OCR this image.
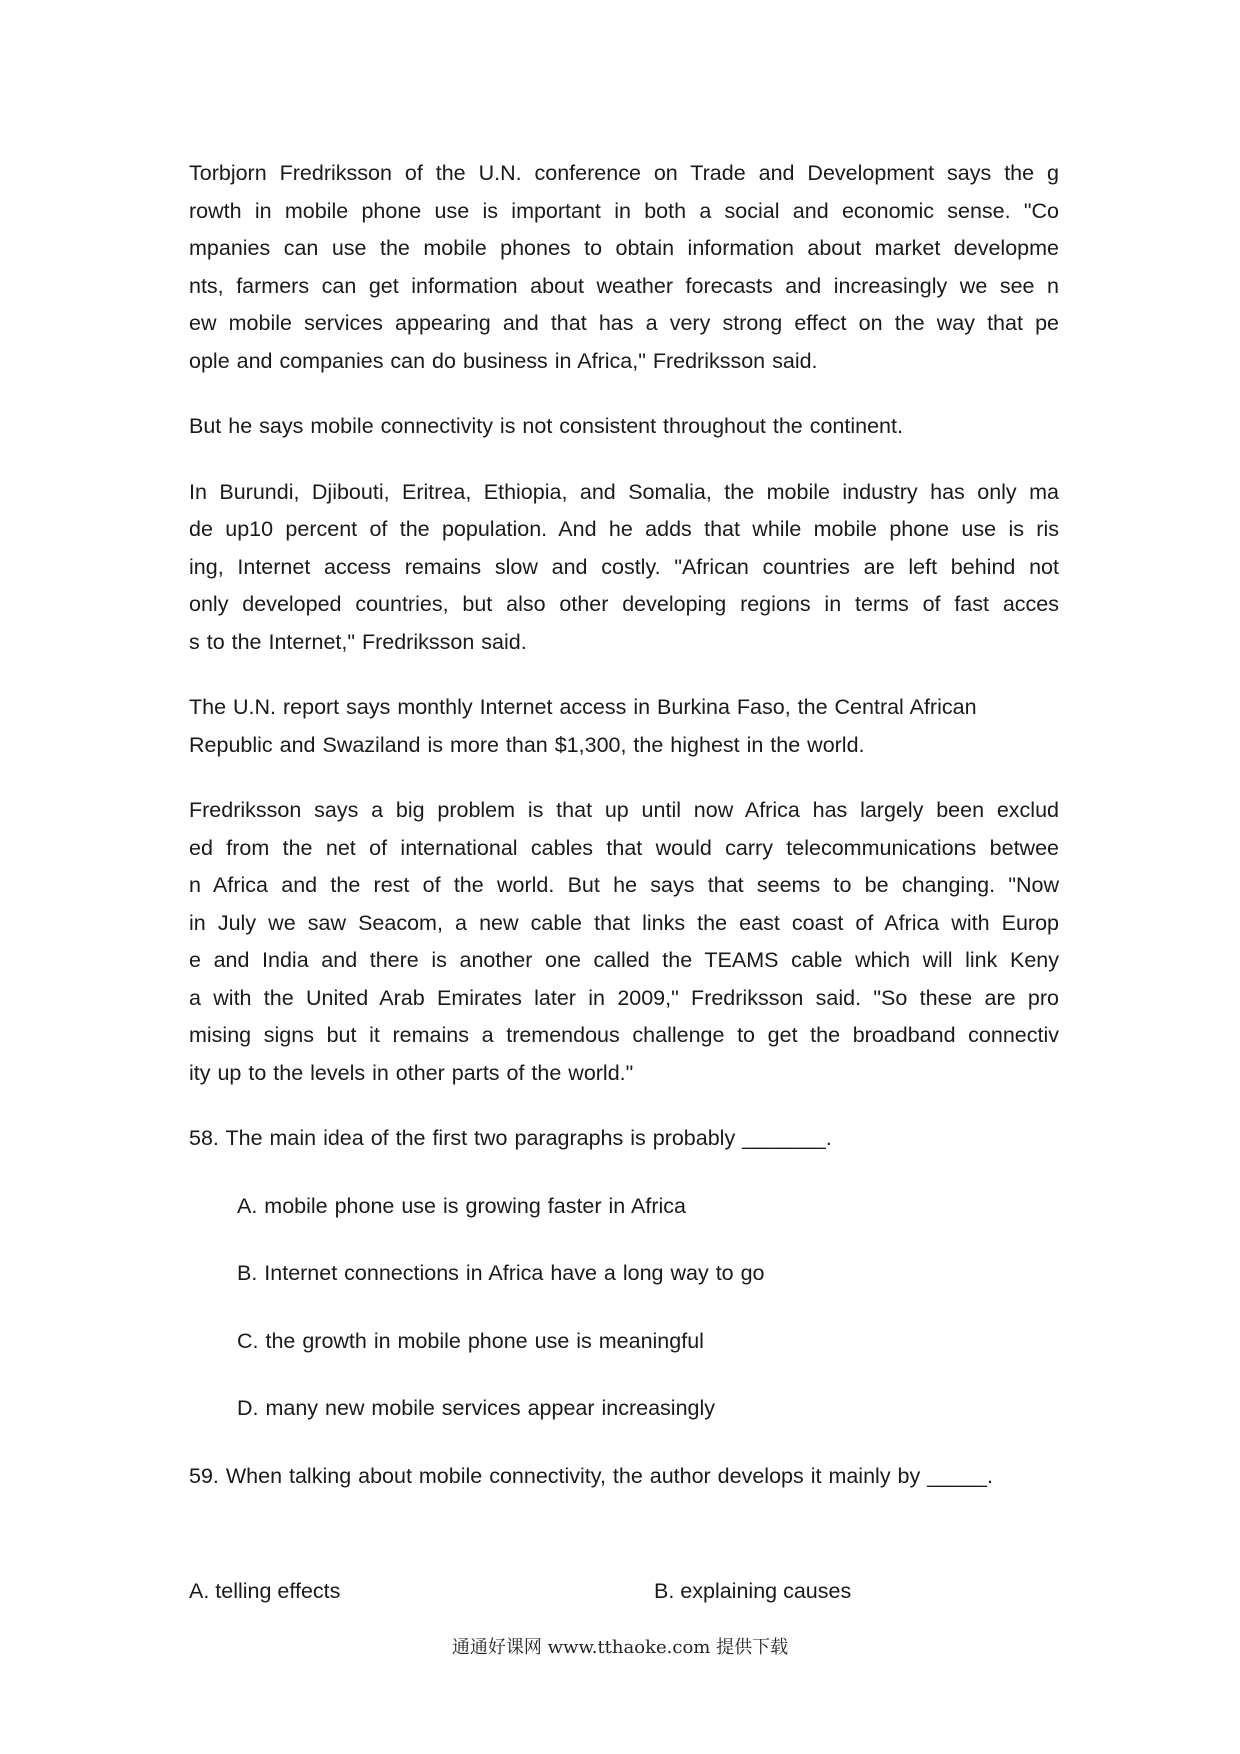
Torbjorn Fredriksson of the U.N. conference on Trade and Development says the g
rowth in mobile phone use is important in both a social and economic sense. "Co
mpanies can use the mobile phones to obtain information about market developme
nts, farmers can get information about weather forecasts and increasingly we see n
ew mobile services appearing and that has a very strong effect on the way that pe
ople and companies can do business in Africa," Fredriksson said.
But he says mobile connectivity is not consistent throughout the continent.
In Burundi, Djibouti, Eritrea, Ethiopia, and Somalia, the mobile industry has only ma
de up10 percent of the population. And he adds that while mobile phone use is ris
ing, Internet access remains slow and costly. "African countries are left behind not
only developed countries, but also other developing regions in terms of fast acces
s to the Internet," Fredriksson said.
The U.N. report says monthly Internet access in Burkina Faso, the Central African
Republic and Swaziland is more than $1,300, the highest in the world.
Fredriksson says a big problem is that up until now Africa has largely been exclud
ed from the net of international cables that would carry telecommunications betwee
n Africa and the rest of the world. But he says that seems to be changing. "Now
in July we saw Seacom, a new cable that links the east coast of Africa with Europ
e and India and there is another one called the TEAMS cable which will link Keny
a with the United Arab Emirates later in 2009," Fredriksson said. "So these are pro
mising signs but it remains a tremendous challenge to get the broadband connectiv
ity up to the levels in other parts of the world."
58. The main idea of the first two paragraphs is probably _______.
A. mobile phone use is growing faster in Africa
B. Internet connections in Africa have a long way to go
C. the growth in mobile phone use is meaningful
D. many new mobile services appear increasingly
59. When talking about mobile connectivity, the author develops it mainly by _____.
A. telling effects	B. explaining causes
通通好课网 www.tthaoke.com 提供下载
